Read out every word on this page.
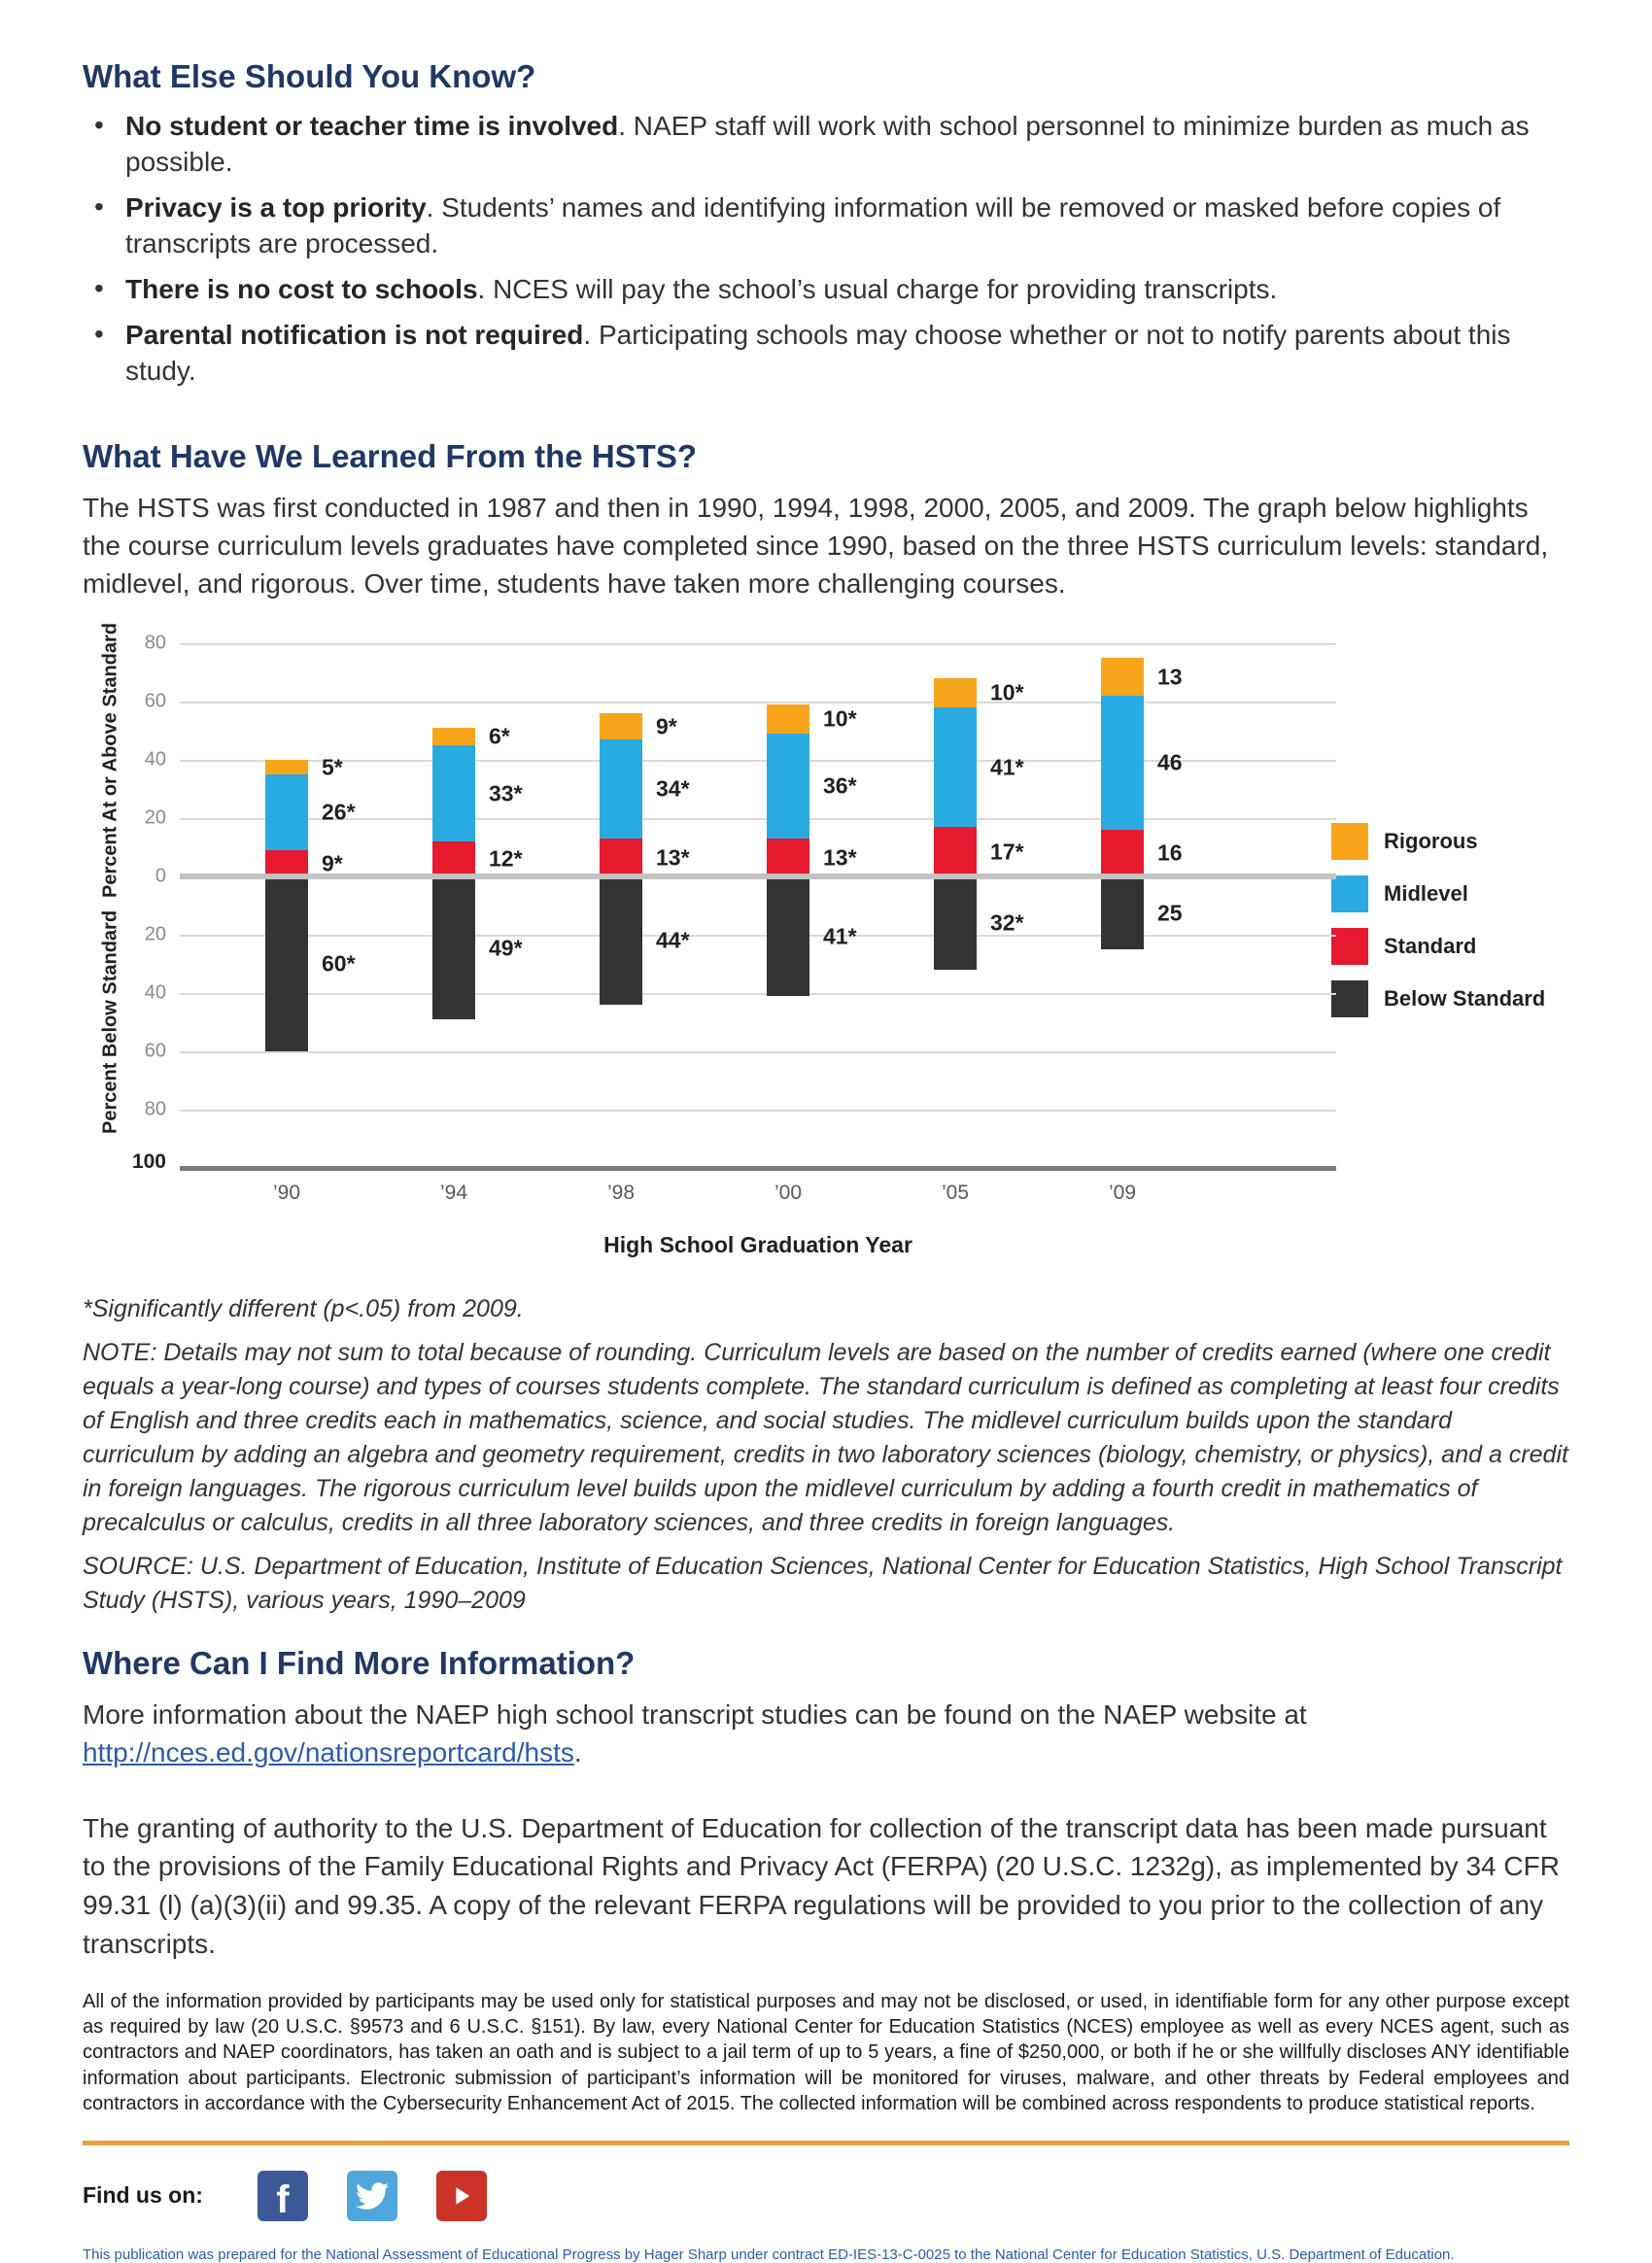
What Else Should You Know?
• No student or teacher time is involved. NAEP staff will work with school personnel to minimize burden as much as possible.
• Privacy is a top priority. Students’ names and identifying information will be removed or masked before copies of transcripts are processed.
• There is no cost to schools. NCES will pay the school’s usual charge for providing transcripts.
• Parental notification is not required. Participating schools may choose whether or not to notify parents about this study.
What Have We Learned From the HSTS?

The HSTS was first conducted in 1987 and then in 1990, 1994, 1998, 2000, 2005, and 2009. The graph below highlights the course curriculum levels graduates have completed since 1990, based on the three HSTS curriculum levels: standard, midlevel, and rigorous. Over time, students have taken more challenging courses.

Percent At or Above Standard
Percent Below Standard
80
60
40
20
0
20
40
60
80
100
9*
26*
5*
60*
’90
12*
33*
6*
49*
’94
13*
34*
9*
44*
’98
13*
36*
10*
41*
’00
17*
41*
10*
32*
’05
16
46
13
25
’09
Rigorous
Midlevel
Standard
Below Standard
High School Graduation Year

*Significantly different (p<.05) from 2009.

NOTE: Details may not sum to total because of rounding. Curriculum levels are based on the number of credits earned (where one credit equals a year-long course) and types of courses students complete. The standard curriculum is defined as completing at least four credits of English and three credits each in mathematics, science, and social studies. The midlevel curriculum builds upon the standard curriculum by adding an algebra and geometry requirement, credits in two laboratory sciences (biology, chemistry, or physics), and a credit in foreign languages. The rigorous curriculum level builds upon the midlevel curriculum by adding a fourth credit in mathematics of precalculus or calculus, credits in all three laboratory sciences, and three credits in foreign languages.

SOURCE: U.S. Department of Education, Institute of Education Sciences, National Center for Education Statistics, High School Transcript Study (HSTS), various years, 1990–2009

Where Can I Find More Information?

More information about the NAEP high school transcript studies can be found on the NAEP website at http://nces.ed.gov/nationsreportcard/hsts.

The granting of authority to the U.S. Department of Education for collection of the transcript data has been made pursuant to the provisions of the Family Educational Rights and Privacy Act (FERPA) (20 U.S.C. 1232g), as implemented by 34 CFR 99.31 (l) (a)(3)(ii) and 99.35. A copy of the relevant FERPA regulations will be provided to you prior to the collection of any transcripts.

All of the information provided by participants may be used only for statistical purposes and may not be disclosed, or used, in identifiable form for any other purpose except as required by law (20 U.S.C. §9573 and 6 U.S.C. §151). By law, every National Center for Education Statistics (NCES) employee as well as every NCES agent, such as contractors and NAEP coordinators, has taken an oath and is subject to a jail term of up to 5 years, a fine of $250,000, or both if he or she willfully discloses ANY identifiable information about participants. Electronic submission of participant’s information will be monitored for viruses, malware, and other threats by Federal employees and contractors in accordance with the Cybersecurity Enhancement Act of 2015. The collected information will be combined across respondents to produce statistical reports.

Find us on: f

This publication was prepared for the National Assessment of Educational Progress by Hager Sharp under contract ED-IES-13-C-0025 to the National Center for Education Statistics, U.S. Department of Education.
